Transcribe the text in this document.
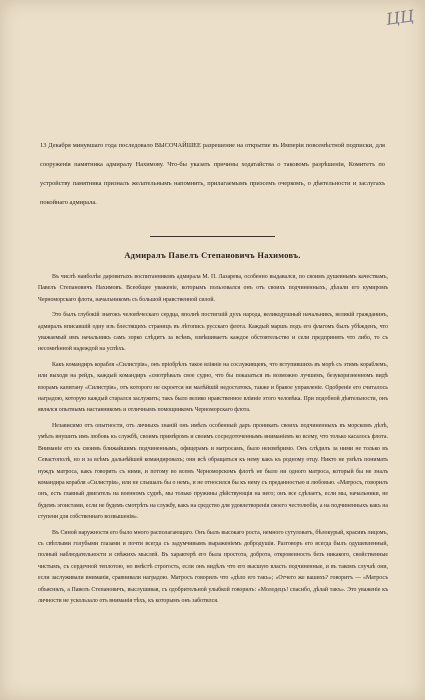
ЦЦ

13 Декабря минувшаго года последовало ВЫСОЧАЙШЕЕ разрешение на открытие въ Имперіи повсемѣстной подписки, для сооруженія памятника адмиралу Нахимову. Что-бы указать причины ходатайства о таковомъ разрѣшеніи, Комитетъ по устройству памятника призналъ желательнымъ напомнить, прилагаемымъ приэсемъ очеркомъ, о дѣятельности и заслугахъ покойнаго адмирала.

Адмиралъ Павелъ Степановичъ Нахимовъ.

Въ числѣ наиболѣе даровитыхъ воспитанниковъ адмирала М. П. Лазарева, особенно выдавался, по своимъ душевнымъ качествамъ, Павелъ Степановичъ Нахимовъ. Всеобщее уваженіе, которымъ пользовался онъ отъ своихъ подчиненныхъ, дѣлали его кумиромъ Черноморскаго флота, начальникомъ съ большой нравственной силой.

Это былъ глубокій знатокъ человѣческаго сердца, вполнѣ постигшій духъ народа, великодушный начальникъ, великій гражданинъ, адмиралъ вписавшій одну изъ блестящихъ страницъ въ лѣтопись русскаго флота. Каждый маршъ подъ его флагомъ былъ убѣжденъ, что уважаемый имъ начальникъ самъ зорко слѣдитъ за всѣмъ, взвѣшиваетъ каждое обстоятельство и сели предпринять что либо, то съ несомнѣнной надеждой на успѣхъ.

Какъ командиръ корабля «Силистрія», онъ пріобрѣлъ такое вліяніе на сослуживцевъ, что вступившихъ въ морѣ съ этимъ кораблемъ, или выходя на рейдъ, каждый командиръ «смотрѣвалъ свое судно, что бы показаться въ возможно лучшемъ, безукоризненномъ видѣ взорамъ капитану «Силистрія», отъ которого не скроется ни малѣйшій недостатокъ, также и бравое управленіе. Одобреніе его считалось наградою, которую каждый старался заслужить; такъ было велико нравственное вліяніе этого человѣка. При подобной дѣятельности, онъ являлся опытнымъ наставникомъ и отличнымъ помощникомъ Черноморскаго флота.

Независимо отъ опытности, отъ личныхъ знаній онъ имѣлъ особенный даръ проникать своихъ подчиненныхъ въ морскомъ дѣлѣ, умѣлъ внушить имъ любовь къ службѣ, своимъ примѣромъ и своимъ сосредоточеннымъ вниманіемъ ко всему, что только касалось флота. Вниманіе его къ своимъ ближайшимъ подчиненнымъ, офицерамъ и матросамъ, было неизмѣримо. Онъ слѣдилъ за ними не только въ Севастополѣ, но и за всѣмъ дальнѣйшей командировахъ; они всѣ обращаться къ нему какъ къ родному отцу. Никто не умѣлъ понимать нуждъ матроса, какъ говорить съ ними, и потому во всемъ Черноморскомъ флотѣ не было ни одного матроса, который бы не зналъ командира корабля «Силистрія», или не слышалъ бы о немъ, и не относился бы къ нему съ преданностью и любовью. «Матросъ, говорилъ онъ, есть главный двигатель на военномъ суднѣ, мы только пружины дѣйствующія на него; онъ все сдѣлаетъ, если мы, начальники, не будемъ эгоистами, если не будемъ смотрѣть на службу, какъ на средство для удовлетворенія своего честолюбія, а на подчиненныхъ какъ на ступени для собственнаго возвышенія».

Въ Синой наружности его было много располагающаго. Онъ былъ высокаго роста, немного сутуловатъ, бѣлокурый, красивъ лицомъ, съ свѣтлыми голубыми глазами и почти всегда съ задумчивымъ выраженіемъ добродушія. Разговоръ его всегда былъ одушевленный, полный наблюдательности и свѣжихъ мыслей. Въ характерѣ его была простота, доброта, откровенность безъ никакого, свойственные чистымъ, съ сердечной теплотою, но вмѣстѣ строгость, если онъ видѣлъ что его высшую власть подчиненные, и въ такомъ случаѣ они, если заслуживали вниманія, сравнивали наградою. Матросъ говорилъ что «дѣло его такъ»; «Отчего же вашихъ? говоритъ — «Матросъ объяснялъ, а Павелъ Степановичъ, выслушивая, съ одобрительной улыбкой говорилъ: «Молодецъ! спасибо, дѣлай такъ». Это уваженіе къ личности не ускользало отъ вниманія тѣхъ, къ которымъ онъ заботился.
